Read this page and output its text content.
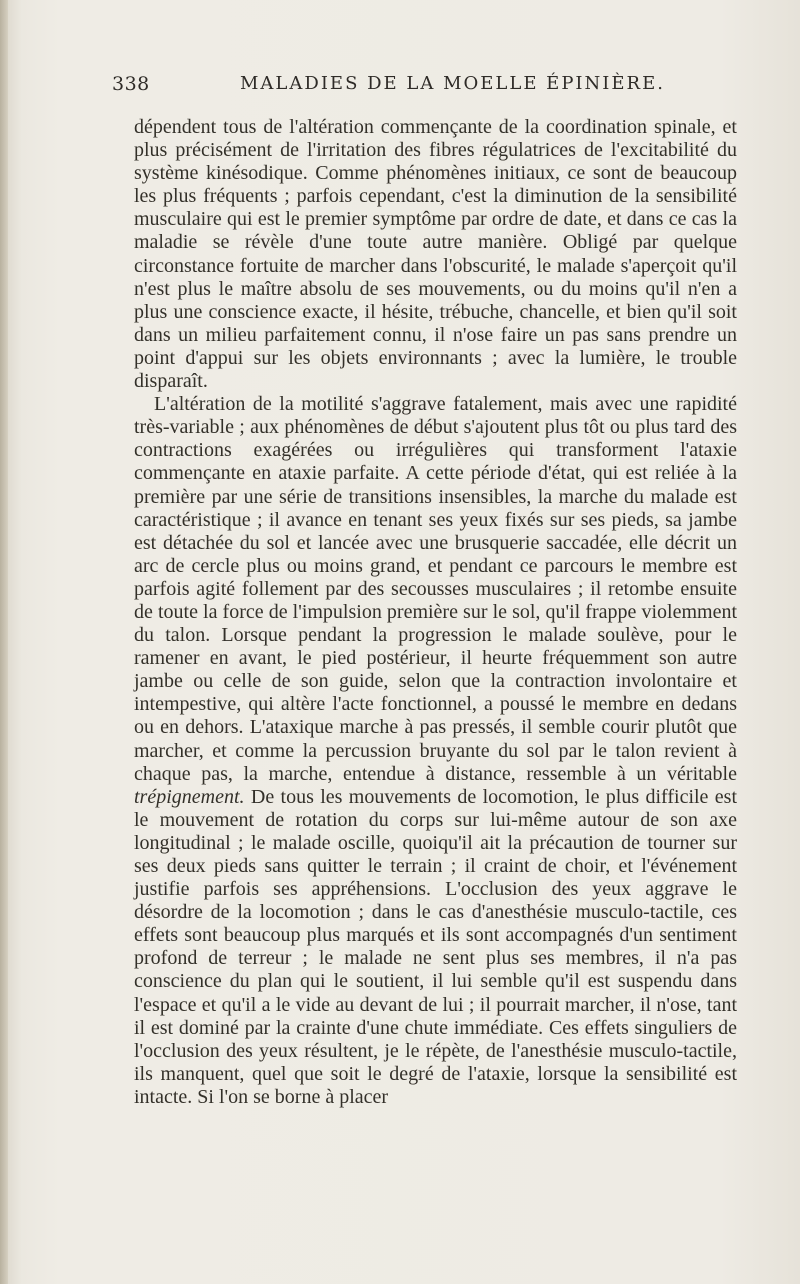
338	MALADIES DE LA MOELLE ÉPINIÈRE.

dépendent tous de l'altération commençante de la coordination spinale, et plus précisément de l'irritation des fibres régulatrices de l'excitabilité du système kinésodique. Comme phénomènes initiaux, ce sont de beaucoup les plus fréquents ; parfois cependant, c'est la diminution de la sensibilité musculaire qui est le premier symptôme par ordre de date, et dans ce cas la maladie se révèle d'une toute autre manière. Obligé par quelque circonstance fortuite de marcher dans l'obscurité, le malade s'aperçoit qu'il n'est plus le maître absolu de ses mouvements, ou du moins qu'il n'en a plus une conscience exacte, il hésite, trébuche, chancelle, et bien qu'il soit dans un milieu parfaitement connu, il n'ose faire un pas sans prendre un point d'appui sur les objets environnants ; avec la lumière, le trouble disparaît.

L'altération de la motilité s'aggrave fatalement, mais avec une rapidité très-variable ; aux phénomènes de début s'ajoutent plus tôt ou plus tard des contractions exagérées ou irrégulières qui transforment l'ataxie commençante en ataxie parfaite. A cette période d'état, qui est reliée à la première par une série de transitions insensibles, la marche du malade est caractéristique ; il avance en tenant ses yeux fixés sur ses pieds, sa jambe est détachée du sol et lancée avec une brusquerie saccadée, elle décrit un arc de cercle plus ou moins grand, et pendant ce parcours le membre est parfois agité follement par des secousses musculaires ; il retombe ensuite de toute la force de l'impulsion première sur le sol, qu'il frappe violemment du talon. Lorsque pendant la progression le malade soulève, pour le ramener en avant, le pied postérieur, il heurte fréquemment son autre jambe ou celle de son guide, selon que la contraction involontaire et intempestive, qui altère l'acte fonctionnel, a poussé le membre en dedans ou en dehors. L'ataxique marche à pas pressés, il semble courir plutôt que marcher, et comme la percussion bruyante du sol par le talon revient à chaque pas, la marche, entendue à distance, ressemble à un véritable trépignement. De tous les mouvements de locomotion, le plus difficile est le mouvement de rotation du corps sur lui-même autour de son axe longitudinal ; le malade oscille, quoiqu'il ait la précaution de tourner sur ses deux pieds sans quitter le terrain ; il craint de choir, et l'événement justifie parfois ses appréhensions. L'occlusion des yeux aggrave le désordre de la locomotion ; dans le cas d'anesthésie musculo-tactile, ces effets sont beaucoup plus marqués et ils sont accompagnés d'un sentiment profond de terreur ; le malade ne sent plus ses membres, il n'a pas conscience du plan qui le soutient, il lui semble qu'il est suspendu dans l'espace et qu'il a le vide au devant de lui ; il pourrait marcher, il n'ose, tant il est dominé par la crainte d'une chute immédiate. Ces effets singuliers de l'occlusion des yeux résultent, je le répète, de l'anesthésie musculo-tactile, ils manquent, quel que soit le degré de l'ataxie, lorsque la sensibilité est intacte. Si l'on se borne à placer
